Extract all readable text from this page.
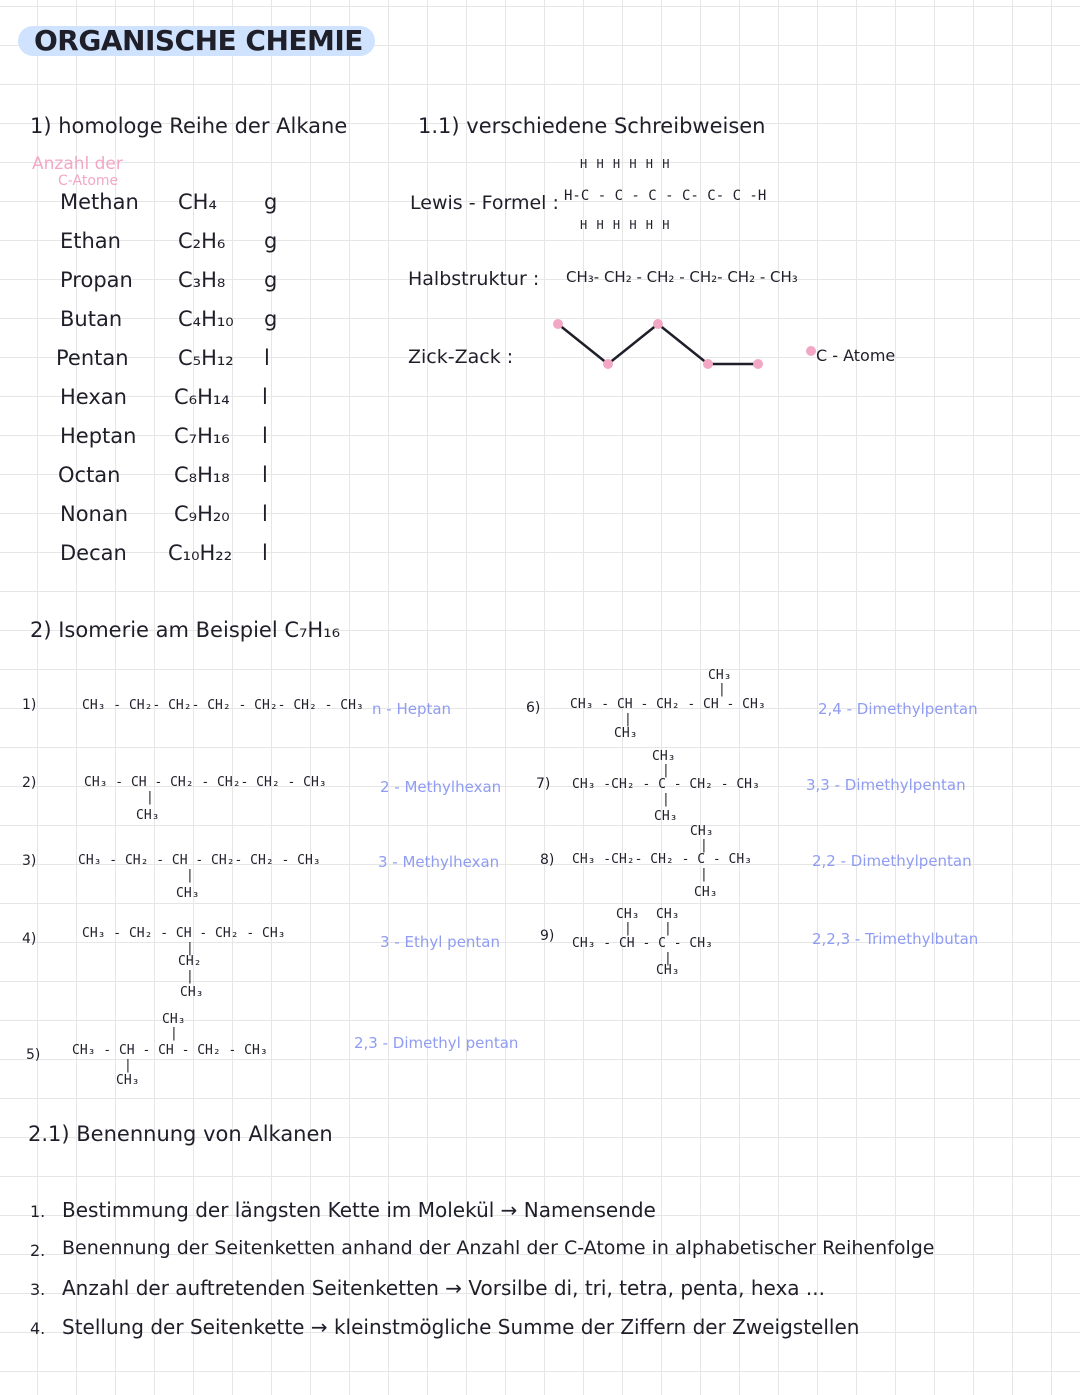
ORGANISCHE CHEMIE
1) homologe Reihe der Alkane
Anzahl der
C-Atome
Methan CH₄ g
Ethan	C₂H₆ g
Propan C₃H₈ g
Butan	C₄H₁₀ g
Pentan C₅H₁₂ l
Hexan C₆H₁₄ l
Heptan C₇H₁₆ l
Octan	C₈H₁₈ l
Nonan C₉H₂₀ l
Decan C₁₀H₂₂ l
1.1) verschiedene Schreibweisen
Lewis - Formel :
H H H H H H
H-C - C - C - C- C- C -H
H H H H H H
Halbstruktur : CH₃- CH₂ - CH₂ - CH₂- CH₂ - CH₃
Zick-Zack :	C - Atome
2) Isomerie am Beispiel C₇H₁₆
1)	CH₃ - CH₂- CH₂- CH₂ - CH₂- CH₂ - CH₃ n - Heptan
2)	CH₃ - CH - CH₂ - CH₂- CH₂ - CH₃
|
CH₃
2 - Methylhexan
3)	CH₃ - CH₂ - CH - CH₂- CH₂ - CH₃
|
CH₃
3 - Methylhexan
4)	CH₃ - CH₂ - CH - CH₂ - CH₃
|
CH₂
|
CH₃
3 - Ethyl pentan
5)
CH₃
|
CH₃ - CH - CH - CH₂ - CH₃
|
CH₃
2,3 - Dimethyl pentan
6)
CH₃
|
CH₃ - CH - CH₂ - CH - CH₃
|
CH₃
2,4 - Dimethylpentan
7)
CH₃
|
CH₃ -CH₂ - C - CH₂ - CH₃
|
CH₃
3,3 - Dimethylpentan
8)
CH₃
|
CH₃ -CH₂- CH₂ - C - CH₃
|
CH₃
2,2 - Dimethylpentan
9)
CH₃ CH₃
| |
CH₃ - CH - C - CH₃
|
CH₃
2,2,3 - Trimethylbutan
2.1) Benennung von Alkanen
1. Bestimmung der längsten Kette im Molekül → Namensende
2. Benennung der Seitenketten anhand der Anzahl der C-Atome in alphabetischer Reihenfolge
3. Anzahl der auftretenden Seitenketten → Vorsilbe di, tri, tetra, penta, hexa ...
4. Stellung der Seitenkette → kleinstmögliche Summe der Ziffern der Zweigstellen
